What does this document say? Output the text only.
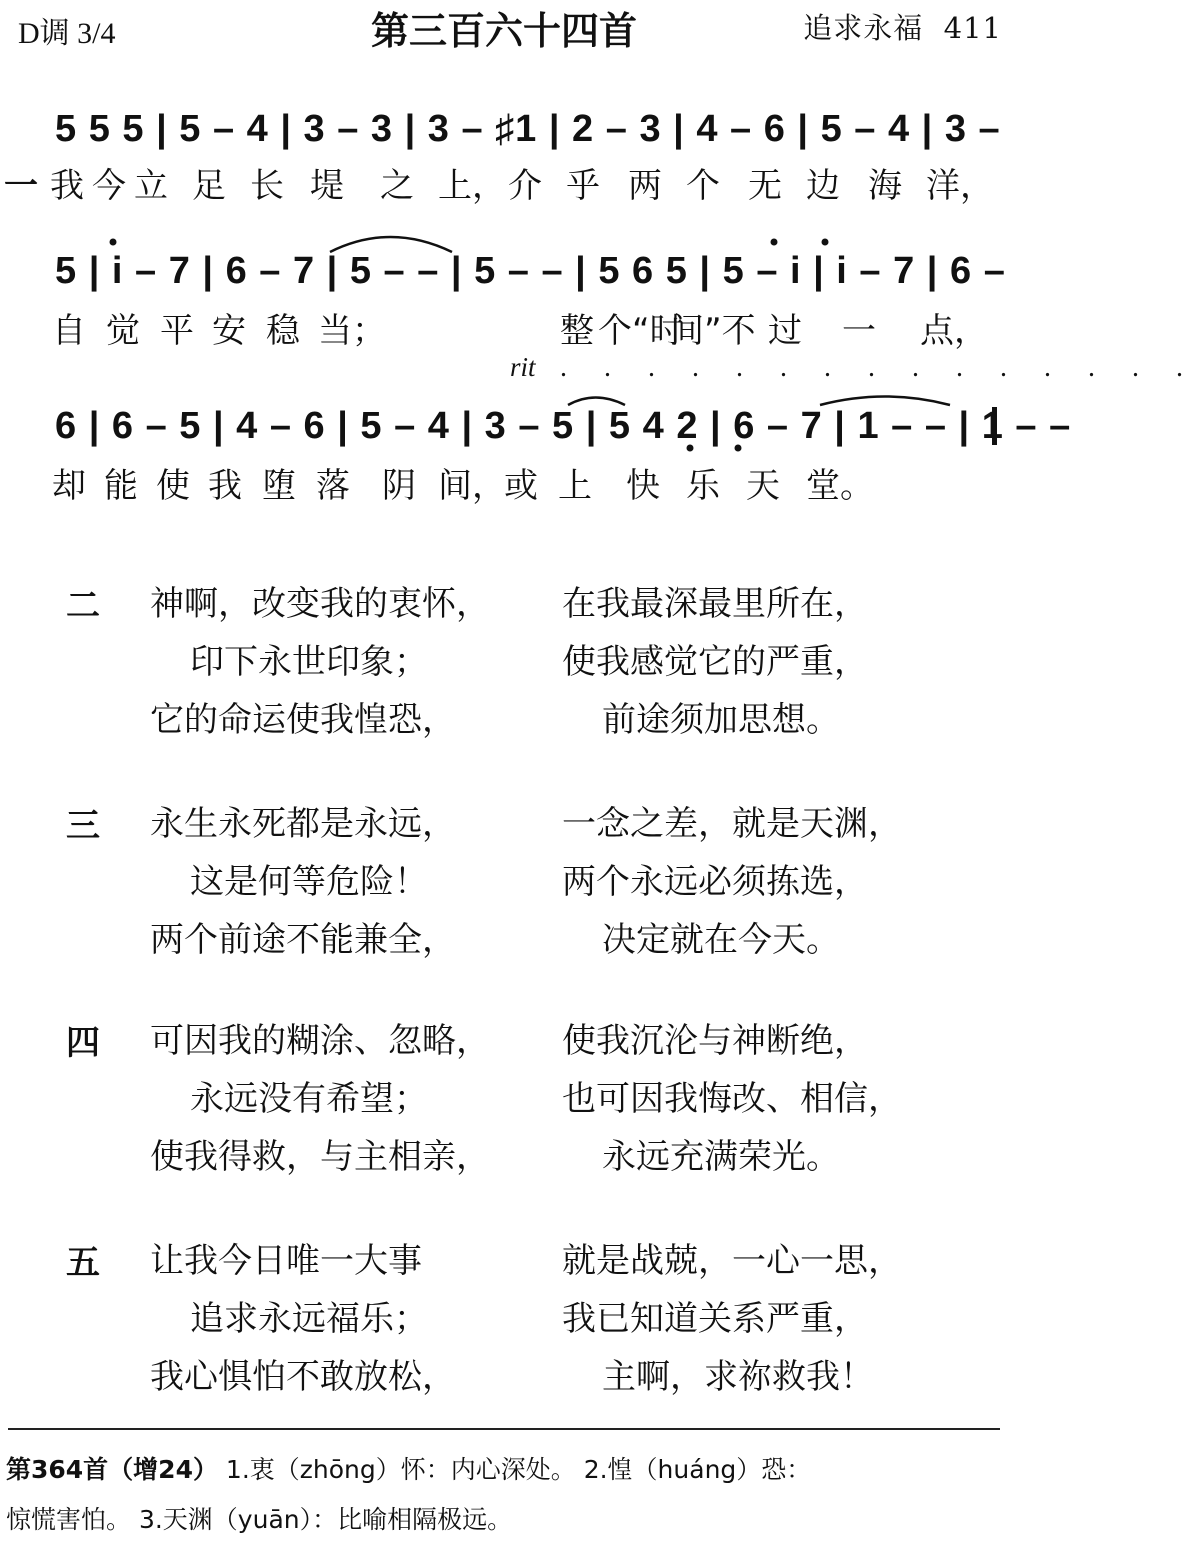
D调 3/4	第三百六十四首	追求永福 411
5 5 5 | 5 – 4 | 3 – 3 | 3 – ♯1 | 2 – 3 | 4 – 6 | 5 – 4 | 3 –
一 我 今 立 足 长 堤 之 上， 介 乎 两 个 无 边 海 洋，
5 | i – 7 | 6 – 7 | 5 – – | 5 – – | 5 6 5 | 5 – i | i – 7 | 6 –
自 觉 平 安 稳 当；	整 个“时
间”不 过 一 点，
rit . . . . . . . . . . . . . . .
6 | 6 – 5 | 4 – 6 | 5 – 4 | 3 – 5 | 5 4 2 | 6 – 7 | 1 – – | 1 – –
却 能 使 我 堕 落 阴 间，
或 上 快 乐 天 堂。
二 神啊，改变我的衷怀， 在我最深最里所在，
印下永世印象；	使我感觉它的严重，
它的命运使我惶恐，	前途须加思想。
三 永生永死都是永远，	一念之差，就是天渊，
这是何等危险！	两个永远必须拣选，
两个前途不能兼全，	决定就在今天。
四 可因我的糊涂、忽略， 使我沉沦与神断绝，
永远没有希望；	也可因我悔改、相信，
使我得救，与主相亲，	永远充满荣光。
五 让我今日唯一大事	就是战兢，一心一思，
追求永远福乐；	我已知道关系严重，
我心惧怕不敢放松，	主啊，求祢救我！
第364首（增24） 1.衷（zhōng）怀：内心深处。 2.惶（huáng）恐：
惊慌害怕。 3.天渊（yuān）：比喻相隔极远。
